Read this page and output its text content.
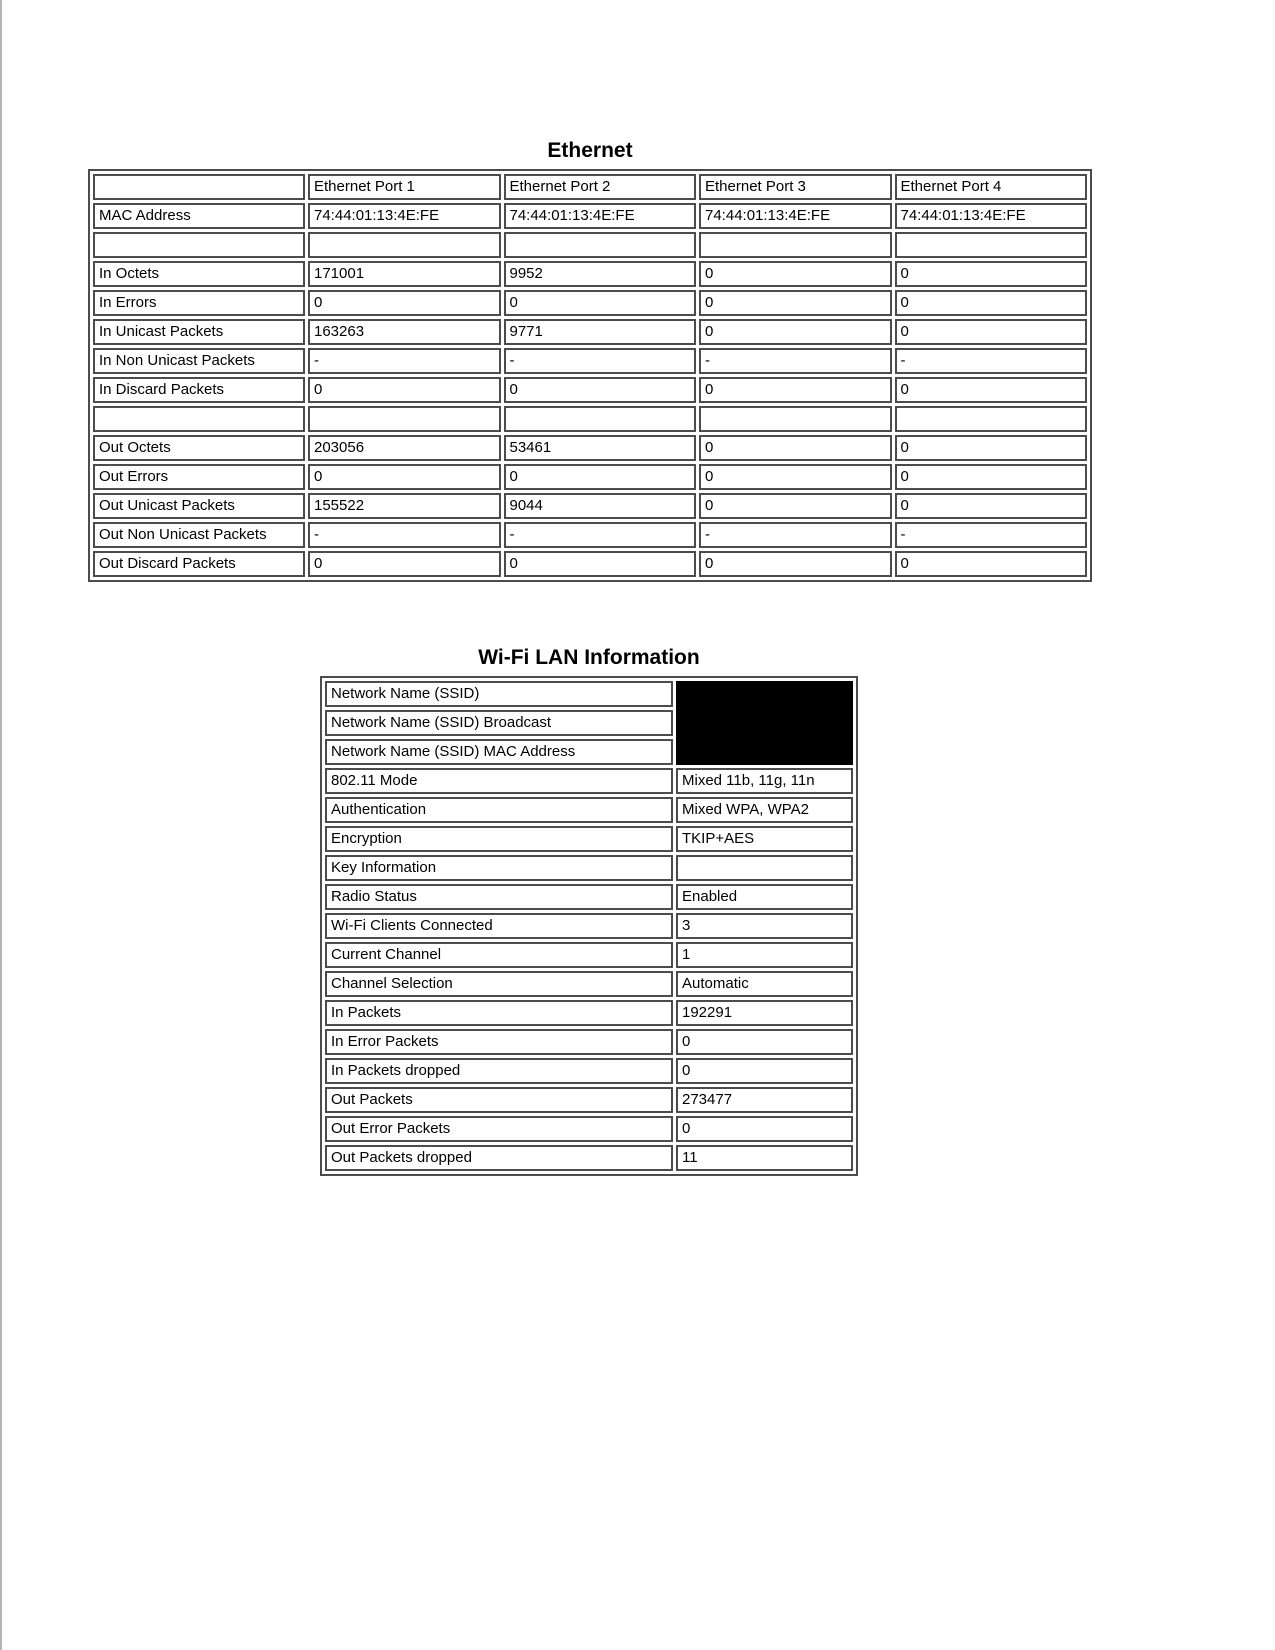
Ethernet
	Ethernet Port 1	Ethernet Port 2	Ethernet Port 3	Ethernet Port 4
MAC Address	74:44:01:13:4E:FE	74:44:01:13:4E:FE	74:44:01:13:4E:FE	74:44:01:13:4E:FE

In Octets	171001	9952	0	0
In Errors	0	0	0	0
In Unicast Packets	163263	9771	0	0
In Non Unicast Packets	-	-	-	-
In Discard Packets	0	0	0	0

Out Octets	203056	53461	0	0
Out Errors	0	0	0	0
Out Unicast Packets	155522	9044	0	0
Out Non Unicast Packets	-	-	-	-
Out Discard Packets	0	0	0	0
Wi-Fi LAN Information
Network Name (SSID)	
Network Name (SSID) Broadcast	
Network Name (SSID) MAC Address	
802.11 Mode	Mixed 11b, 11g, 11n
Authentication	Mixed WPA, WPA2
Encryption	TKIP+AES
Key Information	
Radio Status	Enabled
Wi-Fi Clients Connected	3
Current Channel	1
Channel Selection	Automatic
In Packets	192291
In Error Packets	0
In Packets dropped	0
Out Packets	273477
Out Error Packets	0
Out Packets dropped	11
